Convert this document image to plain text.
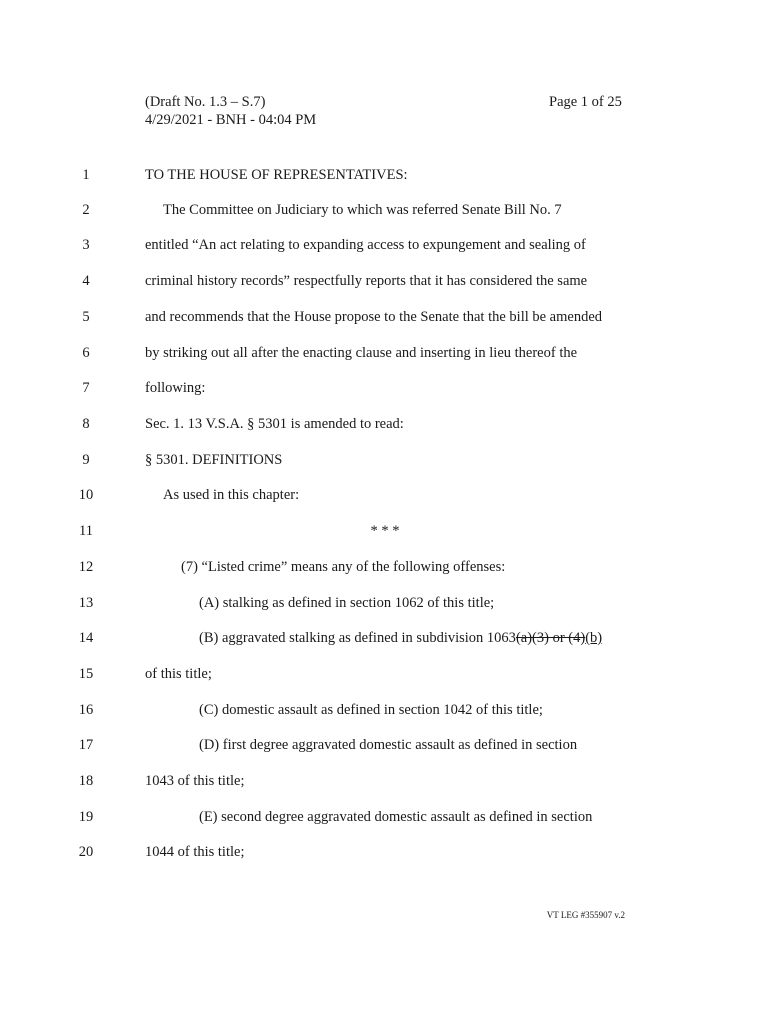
(Draft No. 1.3 – S.7)
4/29/2021 - BNH - 04:04 PM
Page 1 of 25
1	TO THE HOUSE OF REPRESENTATIVES:
2	The Committee on Judiciary to which was referred Senate Bill No. 7
3	entitled “An act relating to expanding access to expungement and sealing of
4	criminal history records” respectfully reports that it has considered the same
5	and recommends that the House propose to the Senate that the bill be amended
6	by striking out all after the enacting clause and inserting in lieu thereof the
7	following:
8	Sec. 1. 13 V.S.A. § 5301 is amended to read:
9	§ 5301. DEFINITIONS
10	As used in this chapter:
11	* * *
12	(7) “Listed crime” means any of the following offenses:
13	(A) stalking as defined in section 1062 of this title;
14	(B) aggravated stalking as defined in subdivision 1063(a)(3) or (4)(b)
15	of this title;
16	(C) domestic assault as defined in section 1042 of this title;
17	(D) first degree aggravated domestic assault as defined in section
18	1043 of this title;
19	(E) second degree aggravated domestic assault as defined in section
20	1044 of this title;
VT LEG #355907 v.2
